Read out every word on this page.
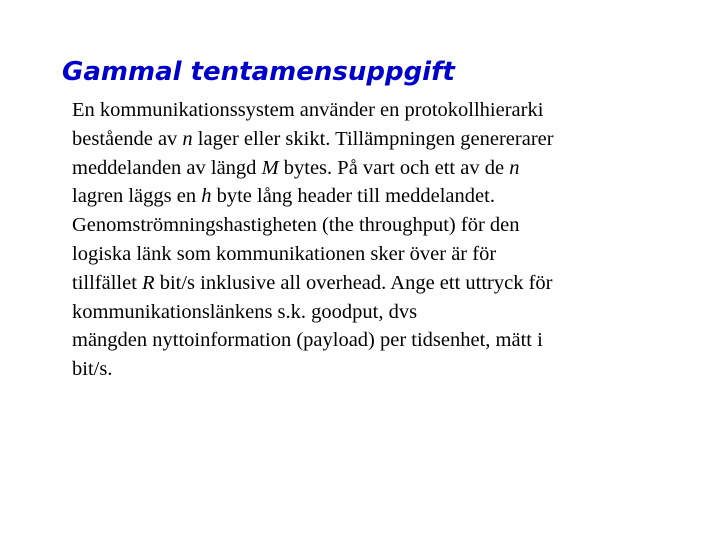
Gammal tentamensuppgift
En kommunikationssystem använder en protokollhierarki
bestående av n lager eller skikt. Tillämpningen genererarer
meddelanden av längd M bytes. På vart och ett av de n
lagren läggs en h byte lång header till meddelandet.
Genomströmningshastigheten (the throughput) för den
logiska länk som kommunikationen sker över är för
tillfället R bit/s inklusive all overhead. Ange ett uttryck för
kommunikationslänkens s.k. goodput, dvs
mängden nyttoinformation (payload) per tidsenhet, mätt i
bit/s.
